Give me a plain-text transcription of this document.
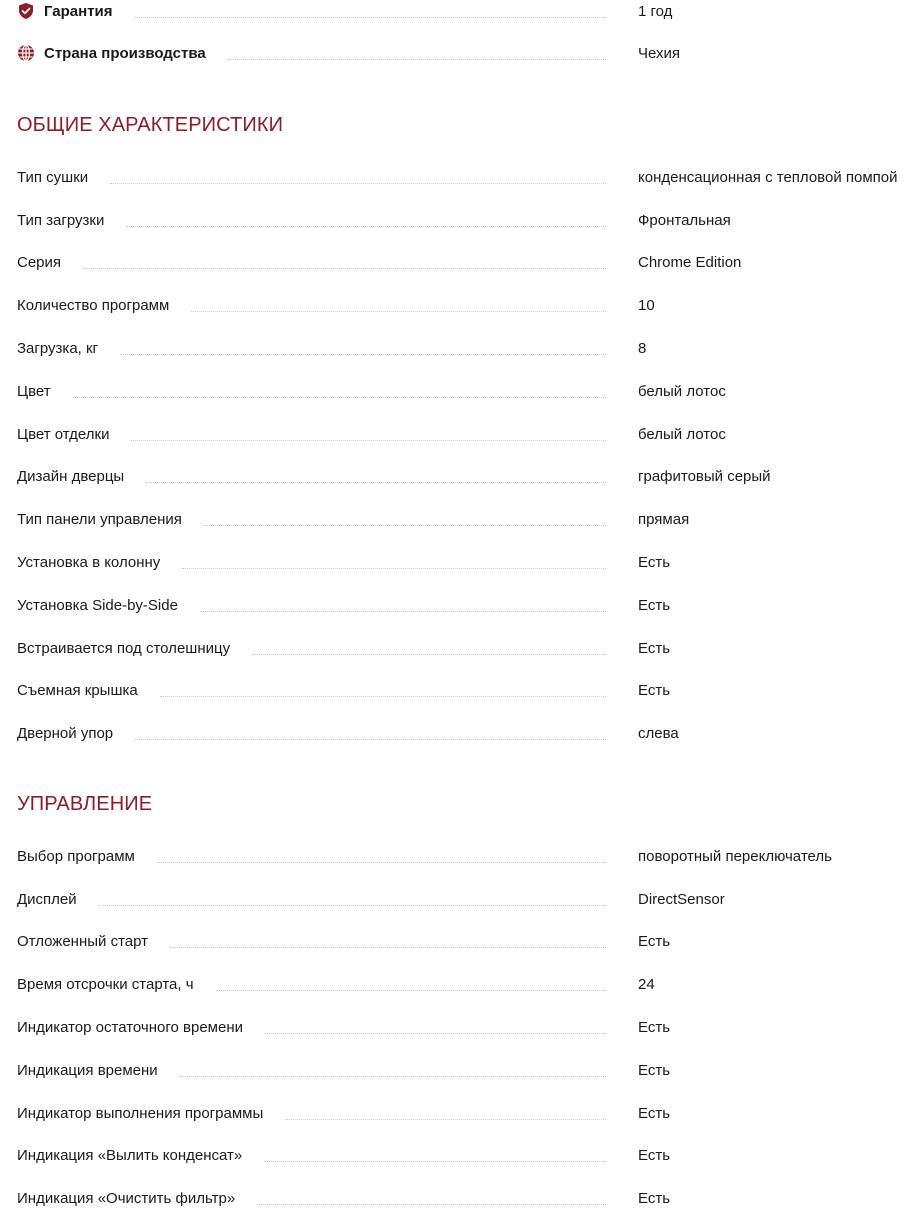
Гарантия	1 год
Страна производства	Чехия
ОБЩИЕ ХАРАКТЕРИСТИКИ
Тип сушки	конденсационная с тепловой помпой
Тип загрузки	Фронтальная
Серия	Chrome Edition
Количество программ	10
Загрузка, кг	8
Цвет	белый лотос
Цвет отделки	белый лотос
Дизайн дверцы	графитовый серый
Тип панели управления	прямая
Установка в колонну	Есть
Установка Side-by-Side	Есть
Встраивается под столешницу	Есть
Съемная крышка	Есть
Дверной упор	слева
УПРАВЛЕНИЕ
Выбор программ	поворотный переключатель
Дисплей	DirectSensor
Отложенный старт	Есть
Время отсрочки старта, ч	24
Индикатор остаточного времени	Есть
Индикация времени	Есть
Индикатор выполнения программы	Есть
Индикация «Вылить конденсат»	Есть
Индикация «Очистить фильтр»	Есть
